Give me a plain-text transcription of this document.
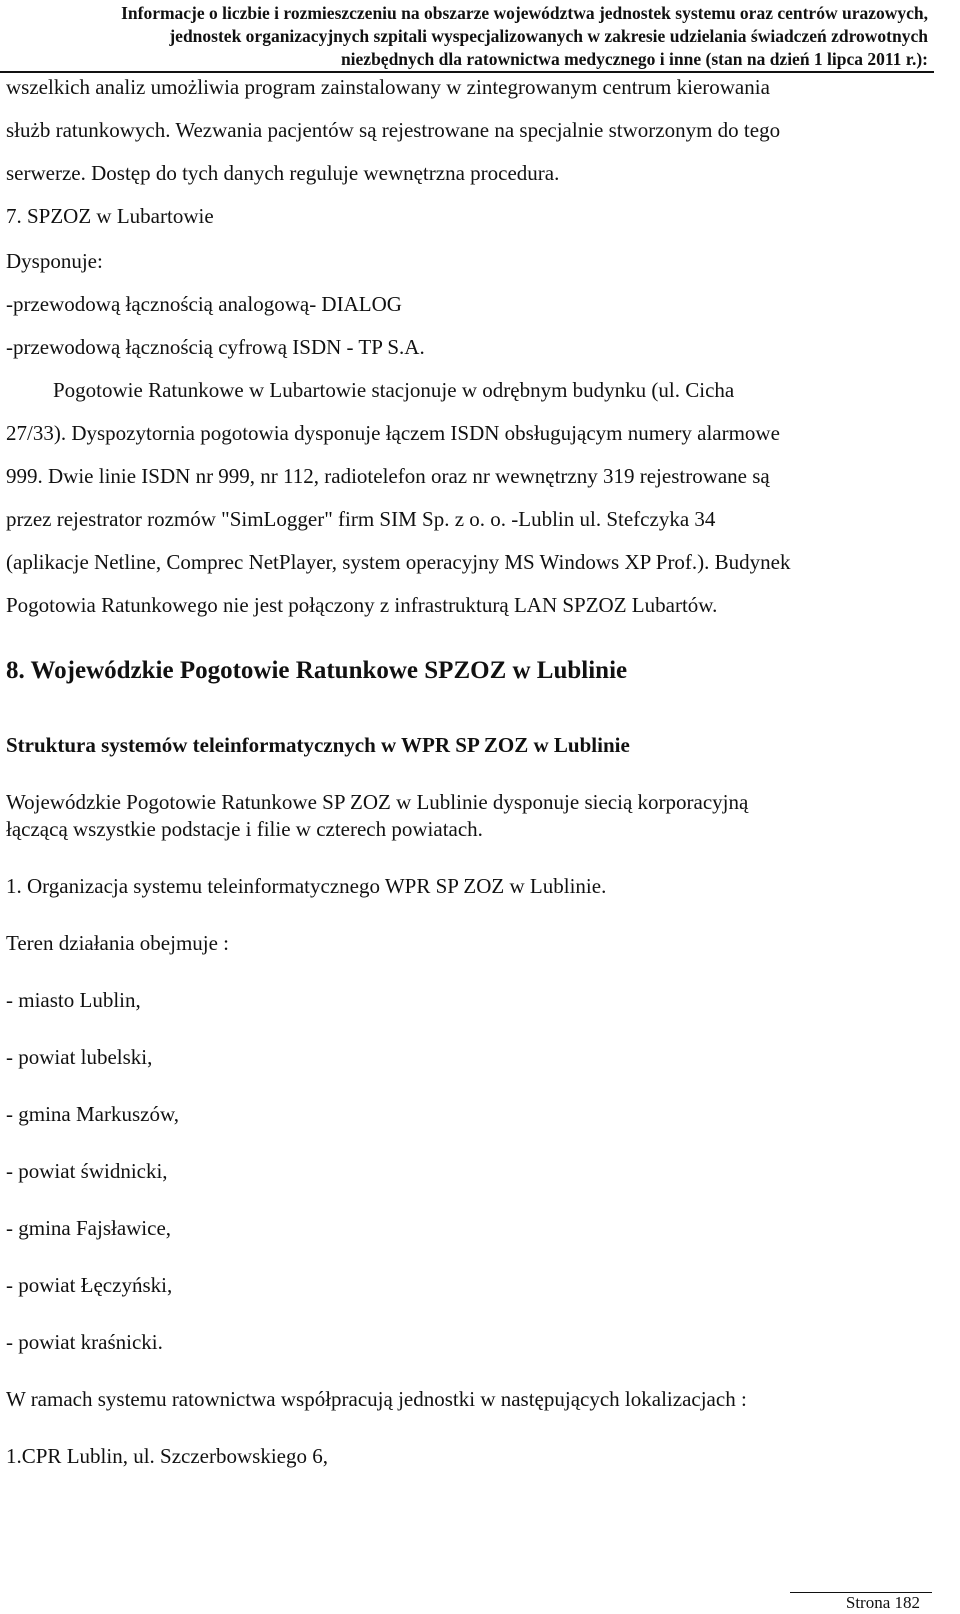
Informacje o liczbie i rozmieszczeniu na obszarze województwa jednostek systemu oraz centrów urazowych,
jednostek organizacyjnych szpitali wyspecjalizowanych w zakresie udzielania świadczeń zdrowotnych
niezbędnych dla ratownictwa medycznego i inne (stan na dzień 1 lipca 2011 r.):
wszelkich analiz umożliwia program zainstalowany w zintegrowanym centrum kierowania
służb ratunkowych. Wezwania pacjentów są rejestrowane na specjalnie stworzonym do tego
serwerze. Dostęp do tych danych reguluje wewnętrzna procedura.
7. SPZOZ w Lubartowie
Dysponuje:
-przewodową łącznością analogową- DIALOG
-przewodową łącznością cyfrową ISDN - TP S.A.
Pogotowie Ratunkowe w Lubartowie stacjonuje w odrębnym budynku (ul. Cicha
27/33). Dyspozytornia pogotowia dysponuje łączem ISDN obsługującym numery alarmowe
999. Dwie linie ISDN nr 999, nr 112, radiotelefon oraz nr wewnętrzny 319 rejestrowane są
przez rejestrator rozmów "SimLogger" firm SIM Sp. z o. o. -Lublin ul. Stefczyka 34
(aplikacje Netline, Comprec NetPlayer, system operacyjny MS Windows XP Prof.). Budynek
Pogotowia Ratunkowego nie jest połączony z infrastrukturą LAN SPZOZ Lubartów.
8. Wojewódzkie Pogotowie Ratunkowe SPZOZ w Lublinie
Struktura systemów teleinformatycznych w WPR SP ZOZ w Lublinie
Wojewódzkie Pogotowie Ratunkowe SP ZOZ w Lublinie dysponuje siecią korporacyjną
łączącą wszystkie podstacje i filie w czterech powiatach.
1. Organizacja systemu teleinformatycznego WPR SP ZOZ w Lublinie.
Teren działania obejmuje :
- miasto Lublin,
- powiat lubelski,
- gmina Markuszów,
- powiat świdnicki,
- gmina Fajsławice,
- powiat Łęczyński,
- powiat kraśnicki.
W ramach systemu ratownictwa współpracują jednostki w następujących lokalizacjach :
1.CPR Lublin, ul. Szczerbowskiego 6,
Strona 182
